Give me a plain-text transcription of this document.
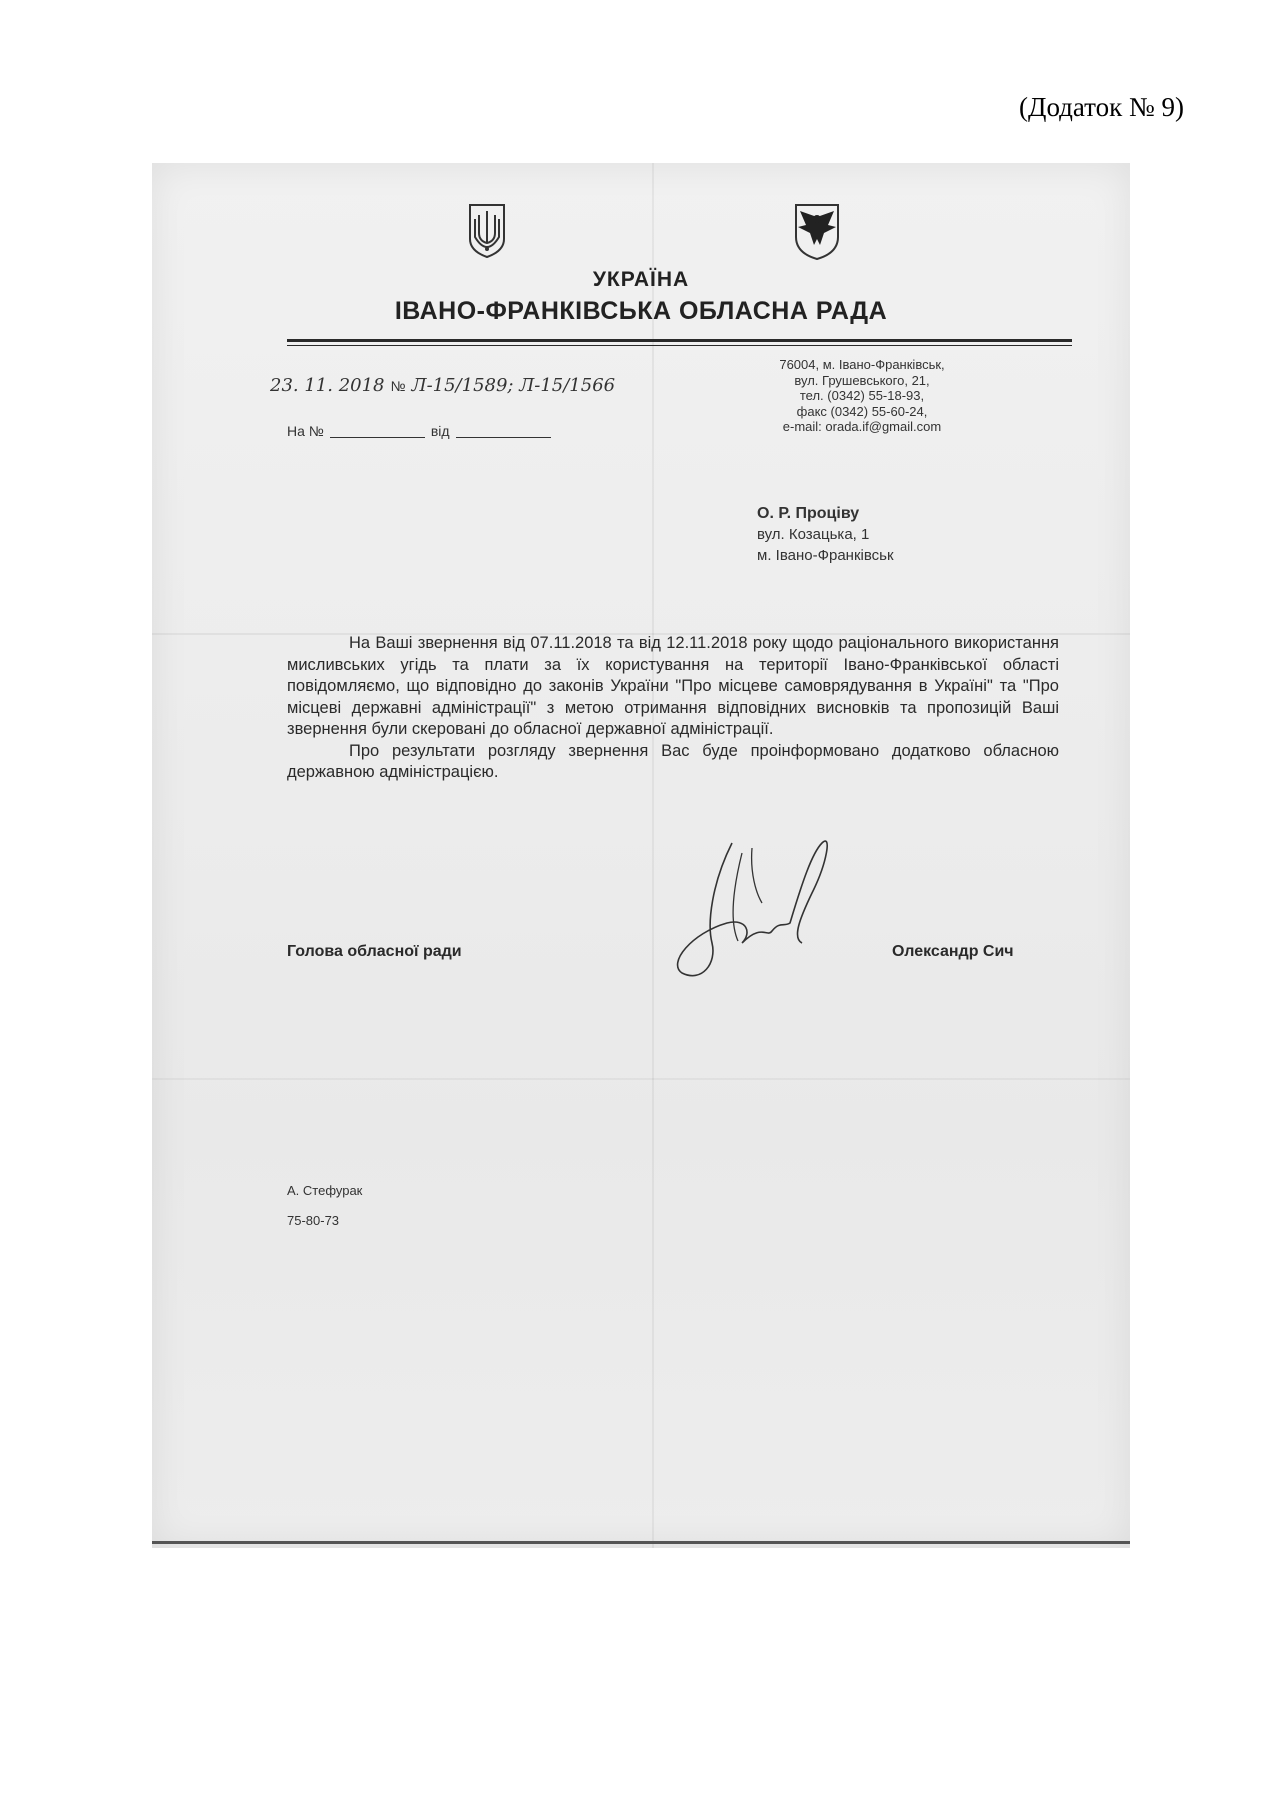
(Додаток № 9)
УКРАЇНА
ІВАНО-ФРАНКІВСЬКА ОБЛАСНА РАДА
23. 11. 2018 № Л-15/1589; Л-15/1566
На №	від
76004, м. Івано-Франківськ,
вул. Грушевського, 21,
тел. (0342) 55-18-93,
факс (0342) 55-60-24,
e-mail: orada.if@gmail.com
О. Р. Проціву
вул. Козацька, 1
м. Івано-Франківськ

На Ваші звернення від 07.11.2018 та від 12.11.2018 року щодо раціонального використання мисливських угідь та плати за їх користування на території Івано-Франківської області повідомляємо, що відповідно до законів України "Про місцеве самоврядування в Україні" та "Про місцеві державні адміністрації" з метою отримання відповідних висновків та пропозицій Ваші звернення були скеровані до обласної державної адміністрації.

Про результати розгляду звернення Вас буде проінформовано додатково обласною державною адміністрацією.

Голова обласної ради	Олександр Сич
А. Стефурак
75-80-73
